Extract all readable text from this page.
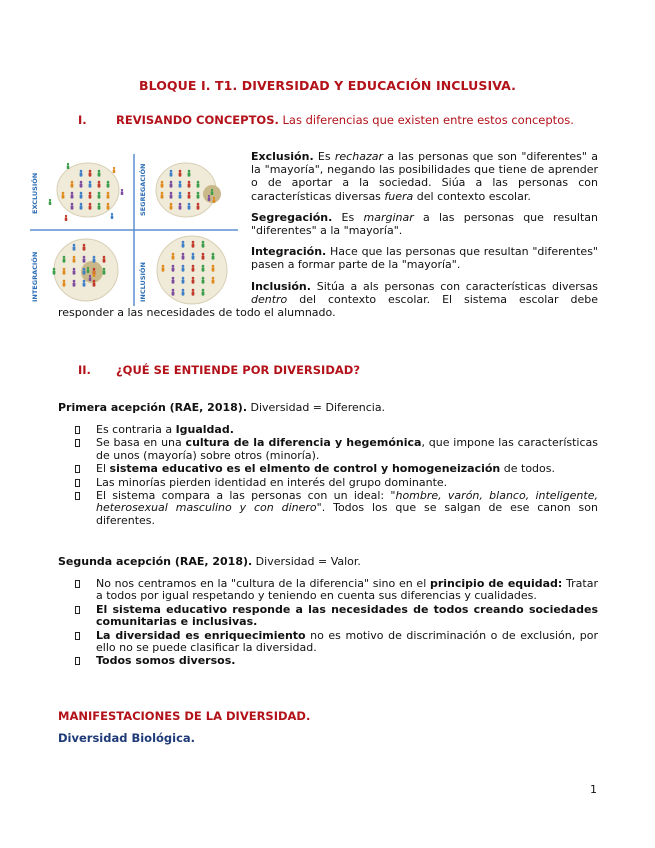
BLOQUE I. T1. DIVERSIDAD Y EDUCACIÓN INCLUSIVA.
I.	REVISANDO CONCEPTOS. Las diferencias que existen entre estos conceptos.
EXCLUSIÓN	SEGREGACIÓN
INTEGRACIÓN	INCLUSIÓN

Exclusión. Es rechazar a las personas que son "diferentes" a la "mayoría", negando las posibilidades que tiene de aprender o de aportar a la sociedad. Siúa a las personas con características diversas fuera del contexto escolar.

Segregación. Es marginar a las personas que resultan "diferentes" a la "mayoría".

Integración. Hace que las personas que resultan "diferentes" pasen a formar parte de la "mayoría".

Inclusión. Sitúa a als personas con características diversas dentro del contexto escolar. El sistema escolar debe responder a las necesidades de todo el alumnado.

II. ¿QUÉ SE ENTIENDE POR DIVERSIDAD?
Primera acepción (RAE, 2018). Diversidad = Diferencia.
Es contraria a Igualdad.
Se basa en una cultura de la diferencia y hegemónica, que impone las características de unos (mayoría) sobre otros (minoría).
El sistema educativo es el elmento de control y homogeneización de todos.
Las minorías pierden identidad en interés del grupo dominante.
El sistema compara a las personas con un ideal: "hombre, varón, blanco, inteligente, heterosexual masculino y con dinero". Todos los que se salgan de ese canon son diferentes.
Segunda acepción (RAE, 2018). Diversidad = Valor.
No nos centramos en la "cultura de la diferencia" sino en el principio de equidad: Tratar a todos por igual respetando y teniendo en cuenta sus diferencias y cualidades.
El sistema educativo responde a las necesidades de todos creando sociedades comunitarias e inclusivas.
La diversidad es enriquecimiento no es motivo de discriminación o de exclusión, por ello no se puede clasificar la diversidad.
Todos somos diversos.
MANIFESTACIONES DE LA DIVERSIDAD.
Diversidad Biológica.
1
